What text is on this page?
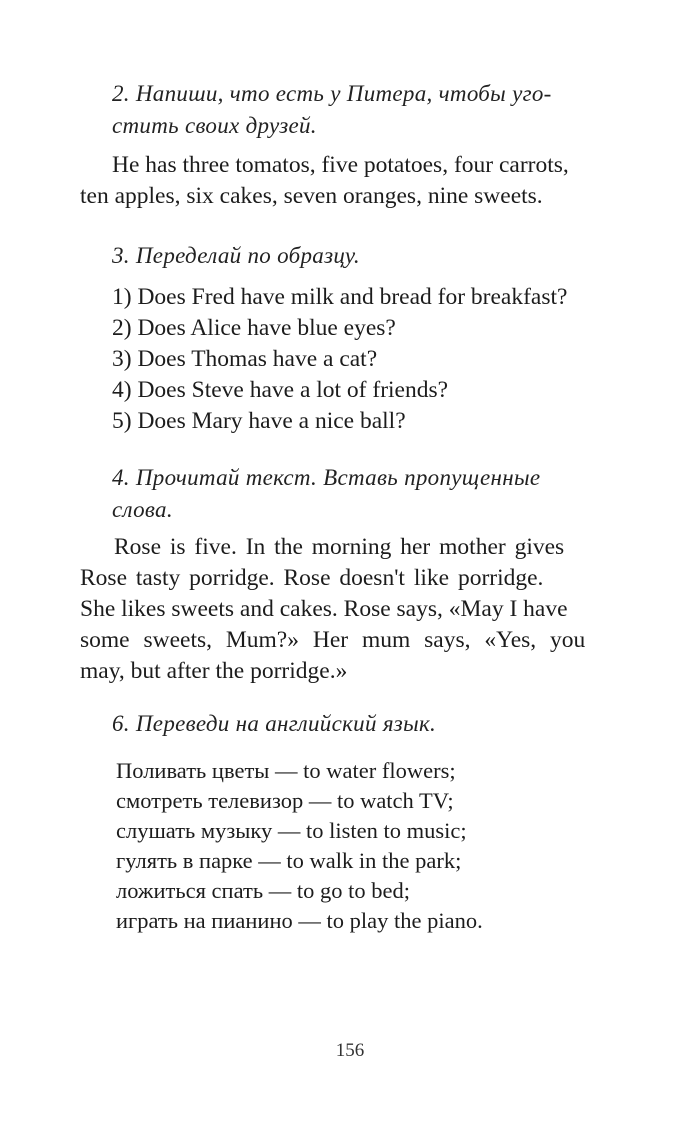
2. Напиши, что есть у Питера, чтобы уго-
стить своих друзей.
He has three tomatos, five potatoes, four carrots,
ten apples, six cakes, seven oranges, nine sweets.
3. Переделай по образцу.
1) Does Fred have milk and bread for breakfast?
2) Does Alice have blue eyes?
3) Does Thomas have a cat?
4) Does Steve have a lot of friends?
5) Does Mary have a nice ball?
4. Прочитай текст. Вставь пропущенные
слова.
Rose is five. In the morning her mother gives
Rose tasty porridge. Rose doesn't like porridge.
She likes sweets and cakes. Rose says, «May I have
some sweets, Mum?» Her mum says, «Yes, you
may, but after the porridge.»
6. Переведи на английский язык.
Поливать цветы — to water flowers;
смотреть телевизор — to watch TV;
слушать музыку — to listen to music;
гулять в парке — to walk in the park;
ложиться спать — to go to bed;
играть на пианино — to play the piano.
156
